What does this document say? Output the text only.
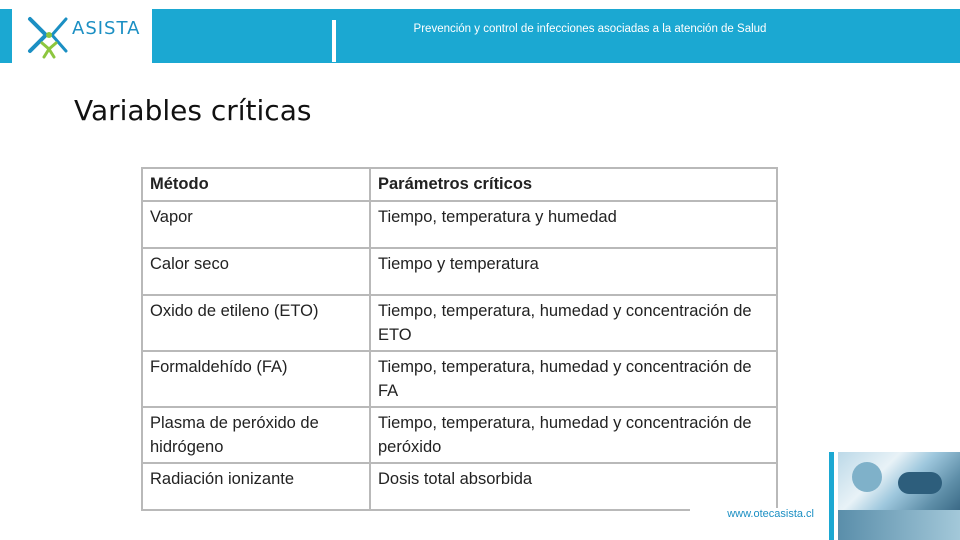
ASISTA	Prevención y control de infecciones asociadas a la atención de Salud
Variables críticas
Método	Parámetros críticos
Vapor	Tiempo, temperatura y humedad
Calor seco	Tiempo y temperatura
Oxido de etileno (ETO)	Tiempo, temperatura, humedad y concentración de ETO
Formaldehído (FA)	Tiempo, temperatura, humedad y concentración de FA
Plasma de peróxido de hidrógeno	Tiempo, temperatura, humedad y concentración de peróxido
Radiación ionizante	Dosis total absorbida
www.otecasista.cl
